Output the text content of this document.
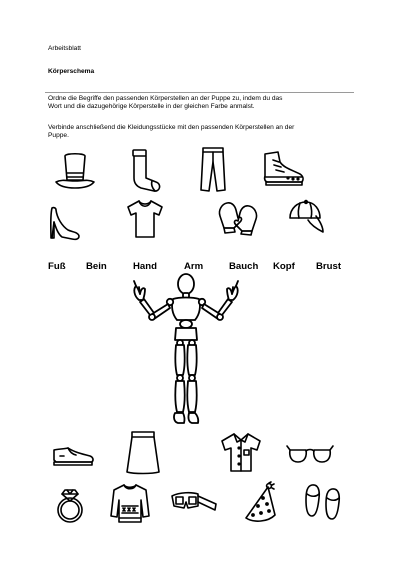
Arbeitsblatt
Körperschema
Ordne die Begriffe den passenden Körperstellen an der Puppe zu, indem du das
Wort und die dazugehörige Körperstelle in der gleichen Farbe anmalst.
Verbinde anschließend die Kleidungsstücke mit den passenden Körperstellen an der
Puppe.
Fuß Bein	Hand	Arm	Bauch Kopf Brust
